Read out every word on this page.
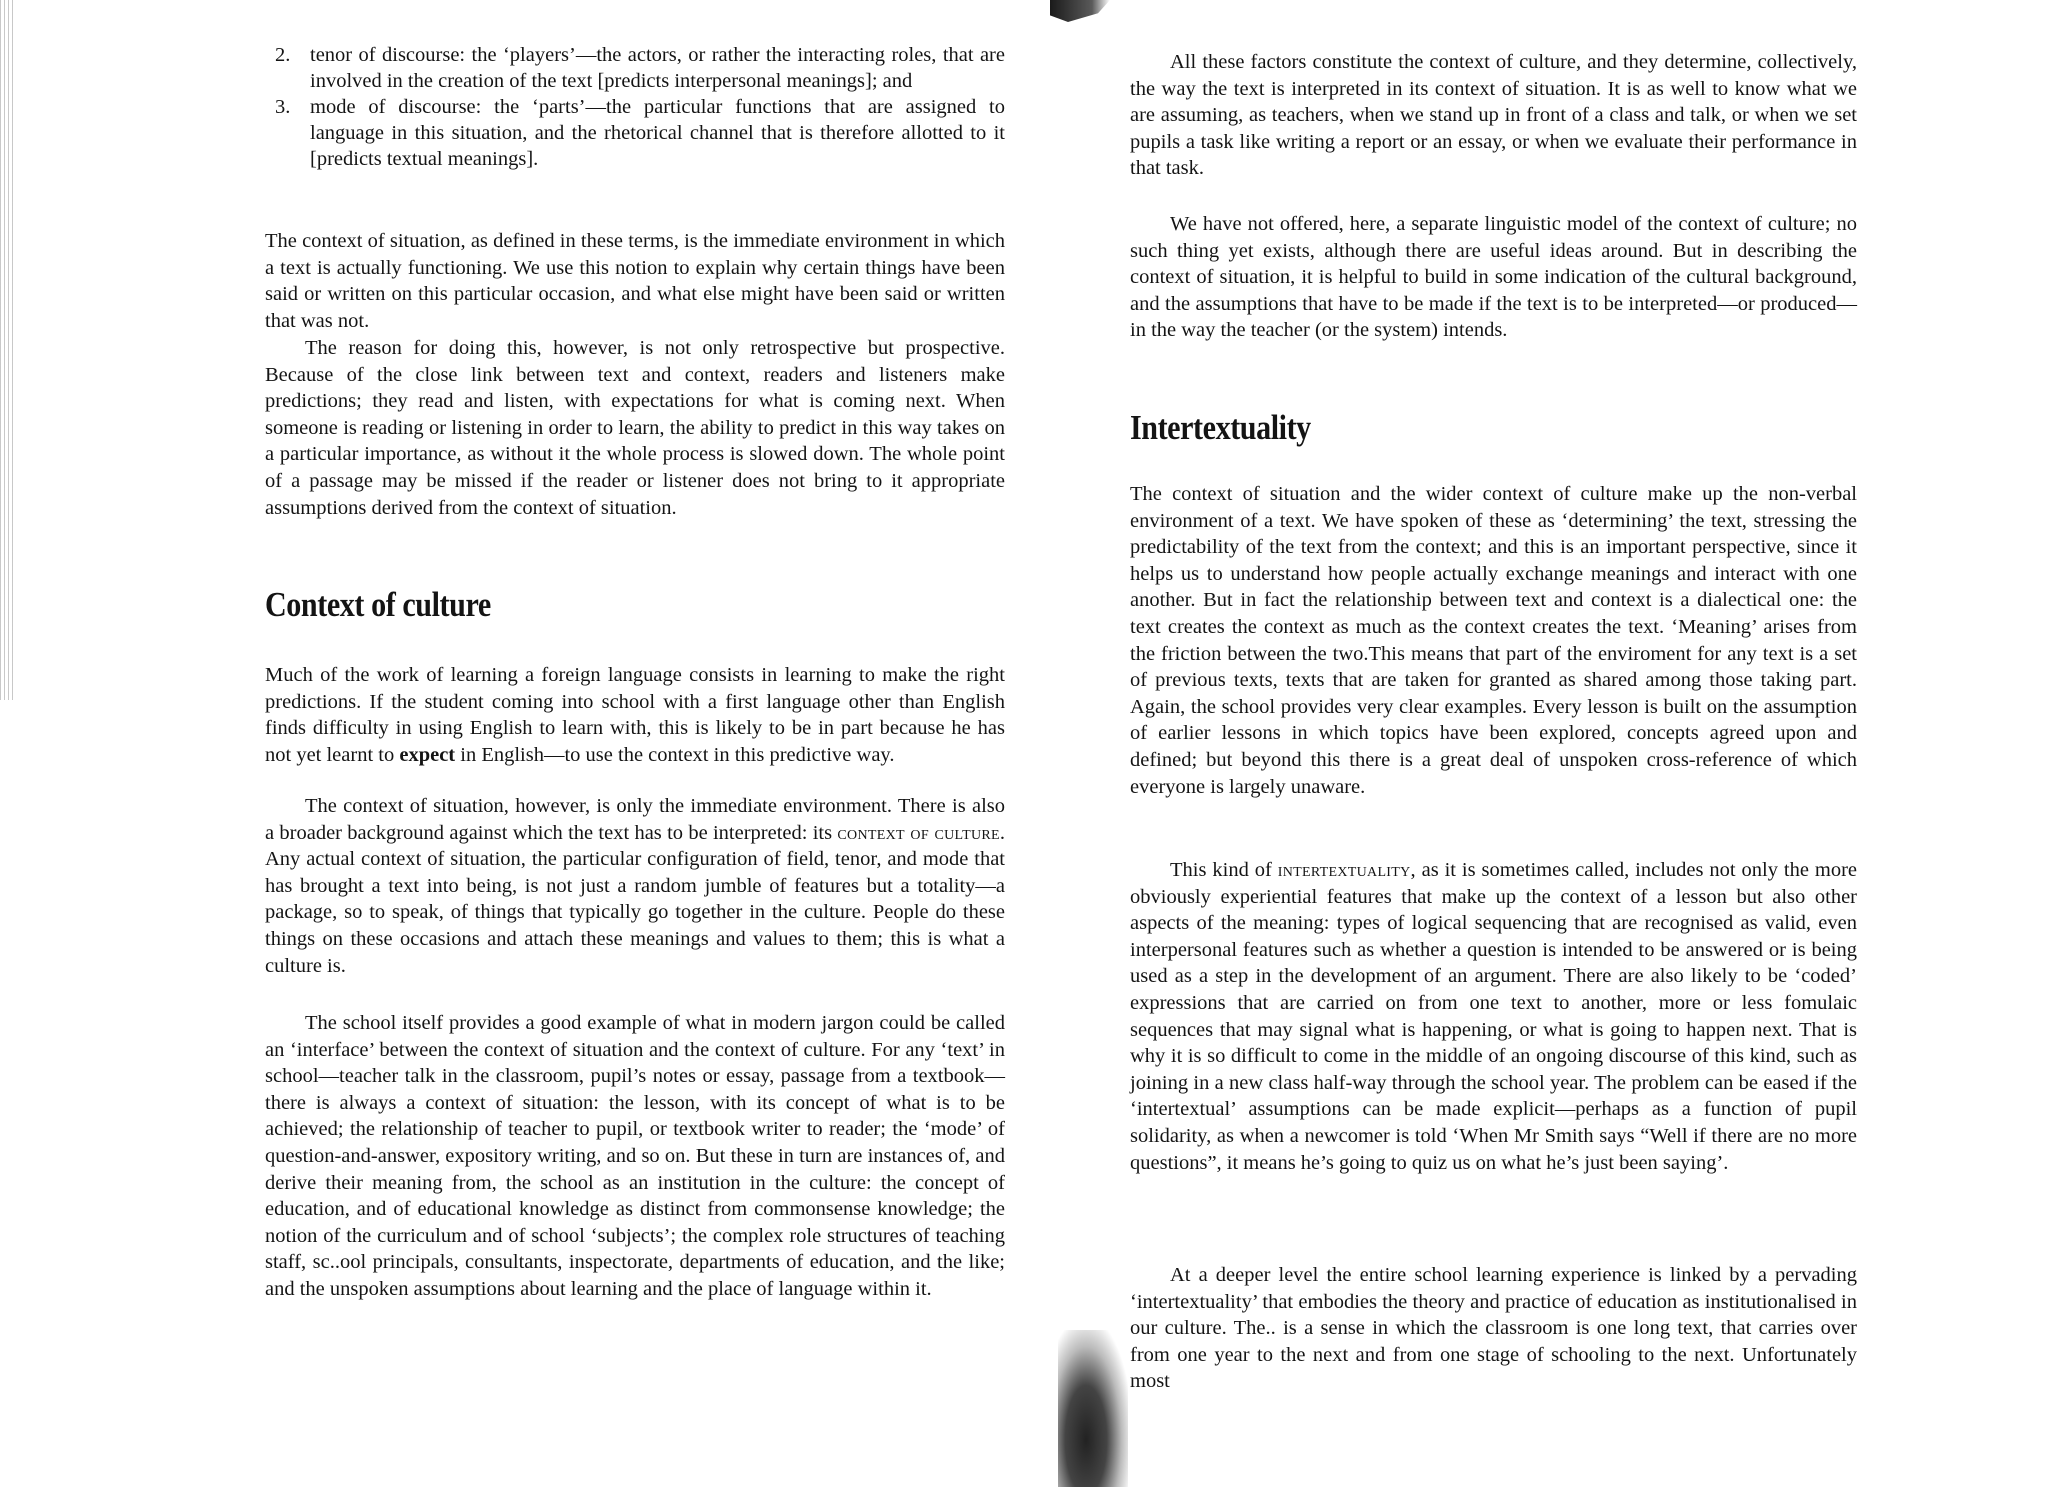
2. tenor of discourse: the ‘players’—the actors, or rather the interacting roles, that are involved in the creation of the text [predicts interpersonal meanings]; and

3. mode of discourse: the ‘parts’—the particular functions that are assigned to language in this situation, and the rhetorical channel that is therefore allotted to it [predicts textual meanings].

The context of situation, as defined in these terms, is the immediate environment in which a text is actually functioning. We use this notion to explain why certain things have been said or written on this particular occasion, and what else might have been said or written that was not.

The reason for doing this, however, is not only retrospective but prospective. Because of the close link between text and context, readers and listeners make predictions; they read and listen, with expectations for what is coming next. When someone is reading or listening in order to learn, the ability to predict in this way takes on a particular importance, as without it the whole process is slowed down. The whole point of a passage may be missed if the reader or listener does not bring to it appropriate assumptions derived from the context of situation.

Context of culture

Much of the work of learning a foreign language consists in learning to make the right predictions. If the student coming into school with a first language other than English finds difficulty in using English to learn with, this is likely to be in part because he has not yet learnt to expect in English—to use the context in this predictive way.

The context of situation, however, is only the immediate environment. There is also a broader background against which the text has to be interpreted: its context of culture. Any actual context of situation, the particular configuration of field, tenor, and mode that has brought a text into being, is not just a random jumble of features but a totality—a package, so to speak, of things that typically go together in the culture. People do these things on these occasions and attach these meanings and values to them; this is what a culture is.

The school itself provides a good example of what in modern jargon could be called an ‘interface’ between the context of situation and the context of culture. For any ‘text’ in school—teacher talk in the classroom, pupil’s notes or essay, passage from a textbook—there is always a context of situation: the lesson, with its concept of what is to be achieved; the relationship of teacher to pupil, or textbook writer to reader; the ‘mode’ of question-and-answer, expository writing, and so on. But these in turn are instances of, and derive their meaning from, the school as an institution in the culture: the concept of education, and of educational knowledge as distinct from commonsense knowledge; the notion of the curriculum and of school ‘subjects’; the complex role structures of teaching staff, sc..ool principals, consultants, inspectorate, departments of education, and the like; and the unspoken assumptions about learning and the place of language within it.

All these factors constitute the context of culture, and they determine, collectively, the way the text is interpreted in its context of situation. It is as well to know what we are assuming, as teachers, when we stand up in front of a class and talk, or when we set pupils a task like writing a report or an essay, or when we evaluate their performance in that task.

We have not offered, here, a separate linguistic model of the context of culture; no such thing yet exists, although there are useful ideas around. But in describing the context of situation, it is helpful to build in some indication of the cultural background, and the assumptions that have to be made if the text is to be interpreted—or produced—in the way the teacher (or the system) intends.

Intertextuality

The context of situation and the wider context of culture make up the non-verbal environment of a text. We have spoken of these as ‘determining’ the text, stressing the predictability of the text from the context; and this is an important perspective, since it helps us to understand how people actually exchange meanings and interact with one another. But in fact the relationship between text and context is a dialectical one: the text creates the context as much as the context creates the text. ‘Meaning’ arises from the friction between the two.This means that part of the enviroment for any text is a set of previous texts, texts that are taken for granted as shared among those taking part. Again, the school provides very clear examples. Every lesson is built on the assumption of earlier lessons in which topics have been explored, concepts agreed upon and defined; but beyond this there is a great deal of unspoken cross-reference of which everyone is largely unaware.

This kind of intertextuality, as it is sometimes called, includes not only the more obviously experiential features that make up the context of a lesson but also other aspects of the meaning: types of logical sequencing that are recognised as valid, even interpersonal features such as whether a question is intended to be answered or is being used as a step in the development of an argument. There are also likely to be ‘coded’ expressions that are carried on from one text to another, more or less fomulaic sequences that may signal what is happening, or what is going to happen next. That is why it is so difficult to come in the middle of an ongoing discourse of this kind, such as joining in a new class half-way through the school year. The problem can be eased if the ‘intertextual’ assumptions can be made explicit—perhaps as a function of pupil solidarity, as when a newcomer is told ‘When Mr Smith says “Well if there are no more questions”, it means he’s going to quiz us on what he’s just been saying’.

At a deeper level the entire school learning experience is linked by a pervading ‘intertextuality’ that embodies the theory and practice of education as institutionalised in our culture. The.. is a sense in which the classroom is one long text, that carries over from one year to the next and from one stage of schooling to the next. Unfortunately most
